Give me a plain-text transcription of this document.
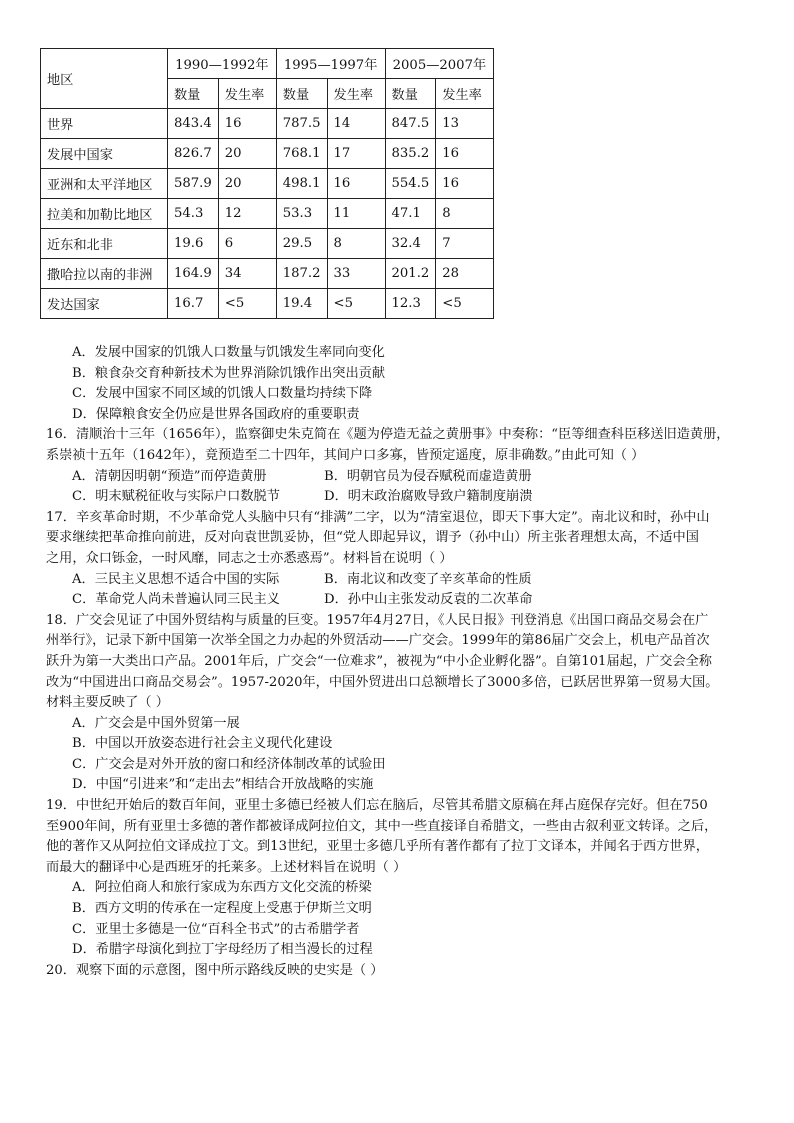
地区	1990—1992年		1995—1997年		2005—2007年	
	数量	发生率	数量	发生率	数量	发生率
世界	843.4	16	787.5	14	847.5	13
发展中国家	826.7	20	768.1	17	835.2	16
亚洲和太平洋地区	587.9	20	498.1	16	554.5	16
拉美和加勒比地区	54.3	12	53.3	11	47.1	8
近东和北非	19.6	6	29.5	8	32.4	7
撒哈拉以南的非洲	164.9	34	187.2	33	201.2	28
发达国家	16.7	<5	19.4	<5	12.3	<5
A．发展中国家的饥饿人口数量与饥饿发生率同向变化
B．粮食杂交育种新技术为世界消除饥饿作出突出贡献
C．发展中国家不同区域的饥饿人口数量均持续下降
D．保障粮食安全仍应是世界各国政府的重要职责
16．清顺治十三年（1656年），监察御史朱克简在《题为停造无益之黄册事》中奏称：“臣等细查科臣移送旧造黄册，
系崇祯十五年（1642年），竟预造至二十四年，其间户口多寡，皆预定遥度，原非确数。”由此可知（ ）
A．清朝因明朝“预造”而停造黄册	B．明朝官员为侵吞赋税而虚造黄册
C．明末赋税征收与实际户口数脱节	D．明末政治腐败导致户籍制度崩溃
17．辛亥革命时期，不少革命党人头脑中只有“排满”二字，以为“清室退位，即天下事大定”。南北议和时，孙中山
要求继续把革命推向前进，反对向袁世凯妥协，但“党人即起异议，谓予（孙中山）所主张者理想太高，不适中国
之用，众口铄金，一时风靡，同志之士亦悉惑焉”。材料旨在说明（ ）
A．三民主义思想不适合中国的实际	B．南北议和改变了辛亥革命的性质
C．革命党人尚未普遍认同三民主义	D．孙中山主张发动反袁的二次革命
18．广交会见证了中国外贸结构与质量的巨变。1957年4月27日，《人民日报》刊登消息《出国口商品交易会在广
州举行》，记录下新中国第一次举全国之力办起的外贸活动——广交会。1999年的第86届广交会上，机电产品首次
跃升为第一大类出口产品。2001年后，广交会“一位难求”，被视为“中小企业孵化器”。自第101届起，广交会全称
改为“中国进出口商品交易会”。1957-2020年，中国外贸进出口总额增长了3000多倍，已跃居世界第一贸易大国。
材料主要反映了（ ）
A．广交会是中国外贸第一展
B．中国以开放姿态进行社会主义现代化建设
C．广交会是对外开放的窗口和经济体制改革的试验田
D．中国“引进来”和“走出去”相结合开放战略的实施
19．中世纪开始后的数百年间，亚里士多德已经被人们忘在脑后，尽管其希腊文原稿在拜占庭保存完好。但在750
至900年间，所有亚里士多德的著作都被译成阿拉伯文，其中一些直接译自希腊文，一些由古叙利亚文转译。之后，
他的著作又从阿拉伯文译成拉丁文。到13世纪，亚里士多德几乎所有著作都有了拉丁文译本，并闻名于西方世界，
而最大的翻译中心是西班牙的托莱多。上述材料旨在说明（ ）
A．阿拉伯商人和旅行家成为东西方文化交流的桥梁
B．西方文明的传承在一定程度上受惠于伊斯兰文明
C．亚里士多德是一位“百科全书式”的古希腊学者
D．希腊字母演化到拉丁字母经历了相当漫长的过程
20．观察下面的示意图，图中所示路线反映的史实是（ ）
